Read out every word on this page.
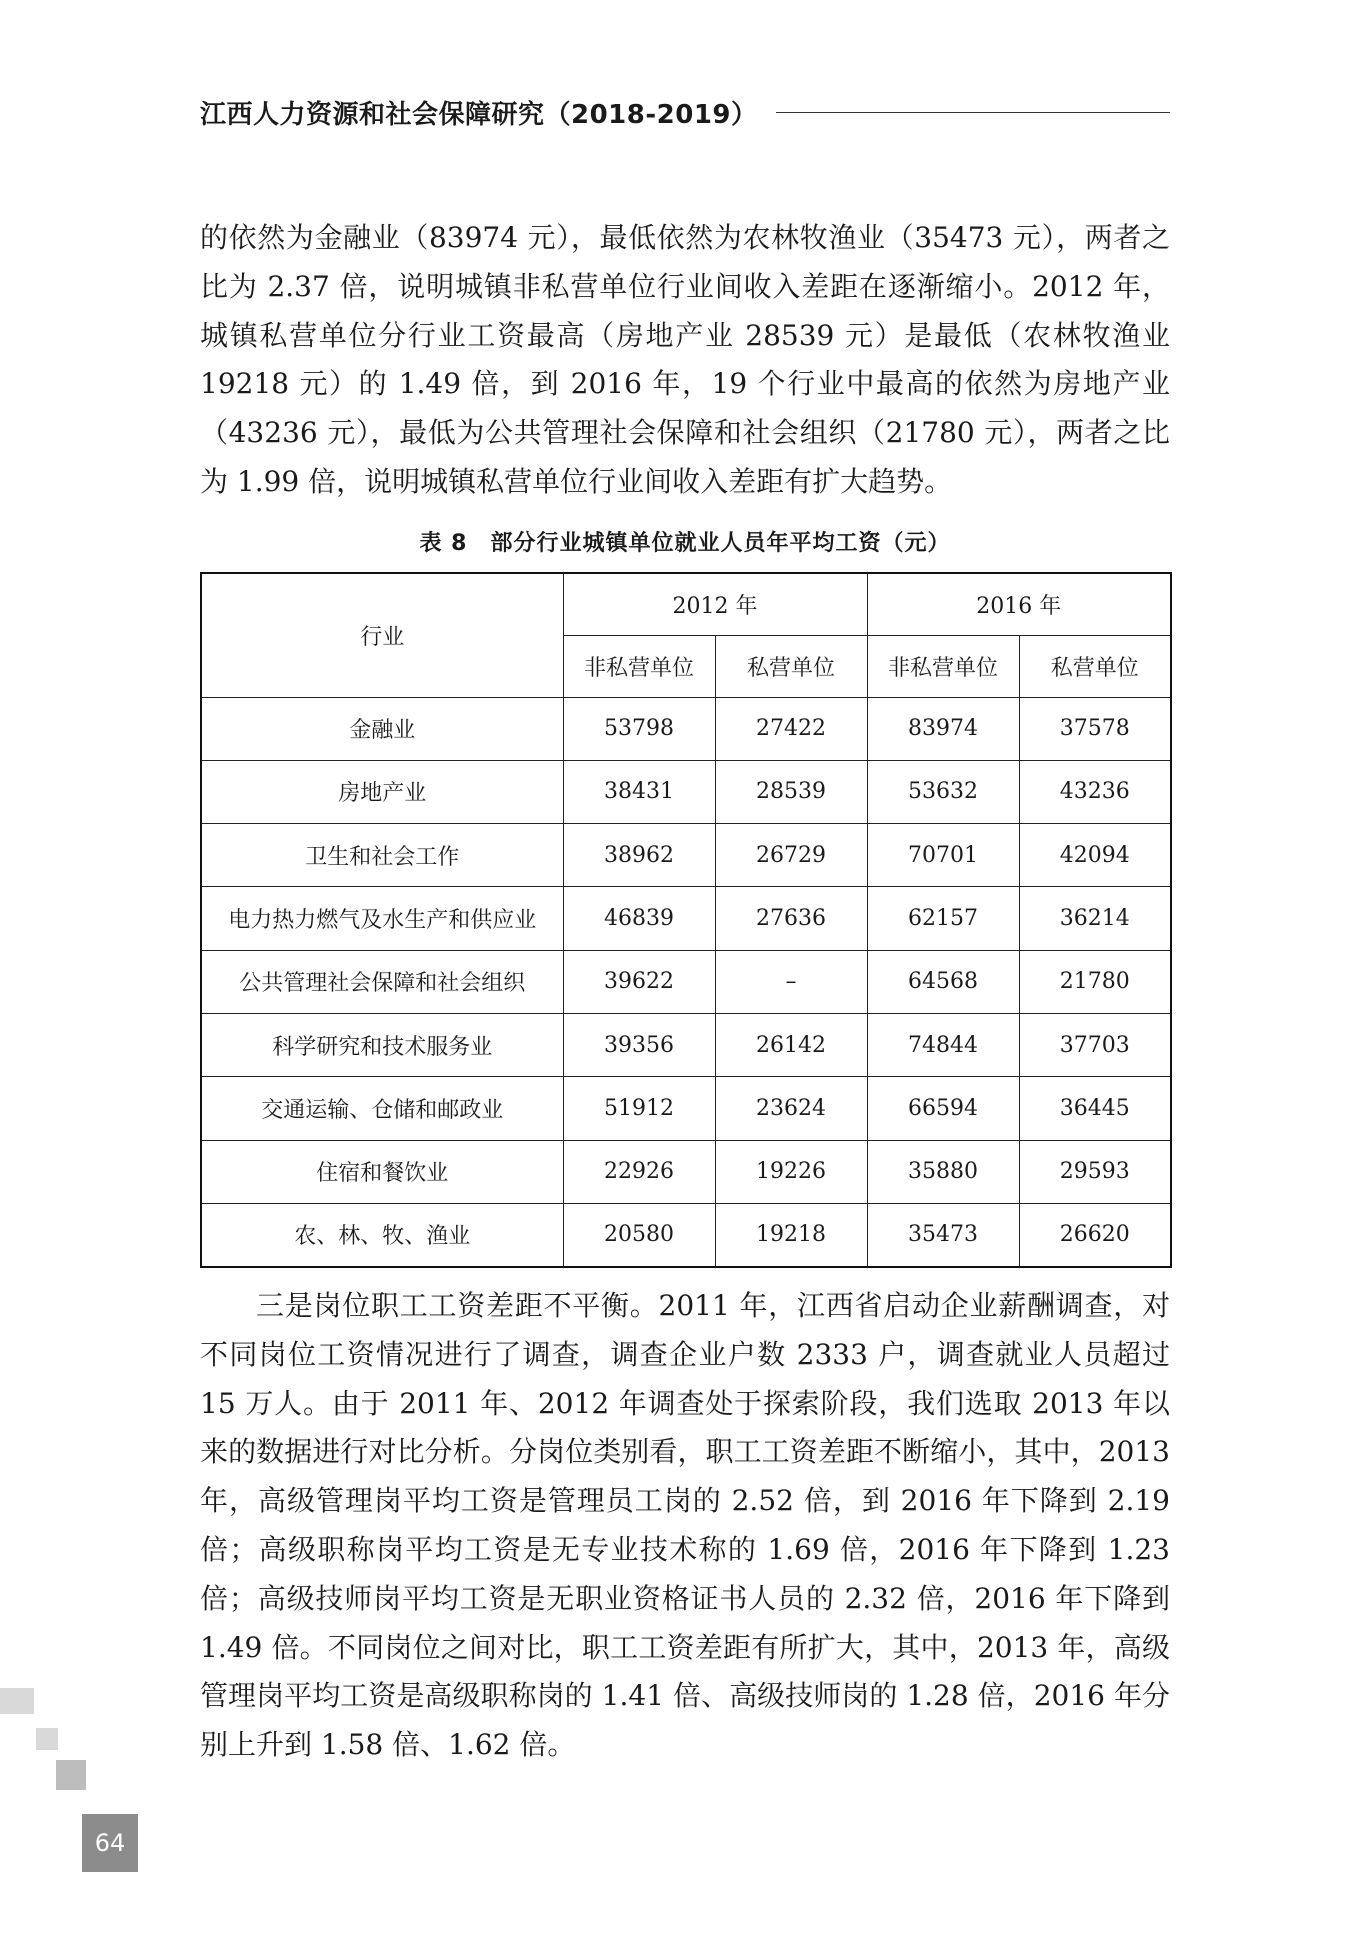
江西人力资源和社会保障研究（2018-2019）

的依然为金融业（83974 元），最低依然为农林牧渔业（35473 元），两者之比为 2.37 倍，说明城镇非私营单位行业间收入差距在逐渐缩小。2012 年，城镇私营单位分行业工资最高（房地产业 28539 元）是最低（农林牧渔业 19218 元）的 1.49 倍，到 2016 年，19 个行业中最高的依然为房地产业（43236 元），最低为公共管理社会保障和社会组织（21780 元），两者之比为 1.99 倍，说明城镇私营单位行业间收入差距有扩大趋势。

表 8　部分行业城镇单位就业人员年平均工资（元）
行业	2012 年		2016 年	
	非私营单位	私营单位	非私营单位	私营单位
金融业	53798	27422	83974	37578
房地产业	38431	28539	53632	43236
卫生和社会工作	38962	26729	70701	42094
电力热力燃气及水生产和供应业	46839	27636	62157	36214
公共管理社会保障和社会组织	39622	–	64568	21780
科学研究和技术服务业	39356	26142	74844	37703
交通运输、仓储和邮政业	51912	23624	66594	36445
住宿和餐饮业	22926	19226	35880	29593
农、林、牧、渔业	20580	19218	35473	26620

三是岗位职工工资差距不平衡。2011 年，江西省启动企业薪酬调查，对不同岗位工资情况进行了调查，调查企业户数 2333 户，调查就业人员超过 15 万人。由于 2011 年、2012 年调查处于探索阶段，我们选取 2013 年以来的数据进行对比分析。分岗位类别看，职工工资差距不断缩小，其中，2013 年，高级管理岗平均工资是管理员工岗的 2.52 倍，到 2016 年下降到 2.19 倍；高级职称岗平均工资是无专业技术称的 1.69 倍，2016 年下降到 1.23 倍；高级技师岗平均工资是无职业资格证书人员的 2.32 倍，2016 年下降到 1.49 倍。不同岗位之间对比，职工工资差距有所扩大，其中，2013 年，高级管理岗平均工资是高级职称岗的 1.41 倍、高级技师岗的 1.28 倍，2016 年分别上升到 1.58 倍、1.62 倍。

64
